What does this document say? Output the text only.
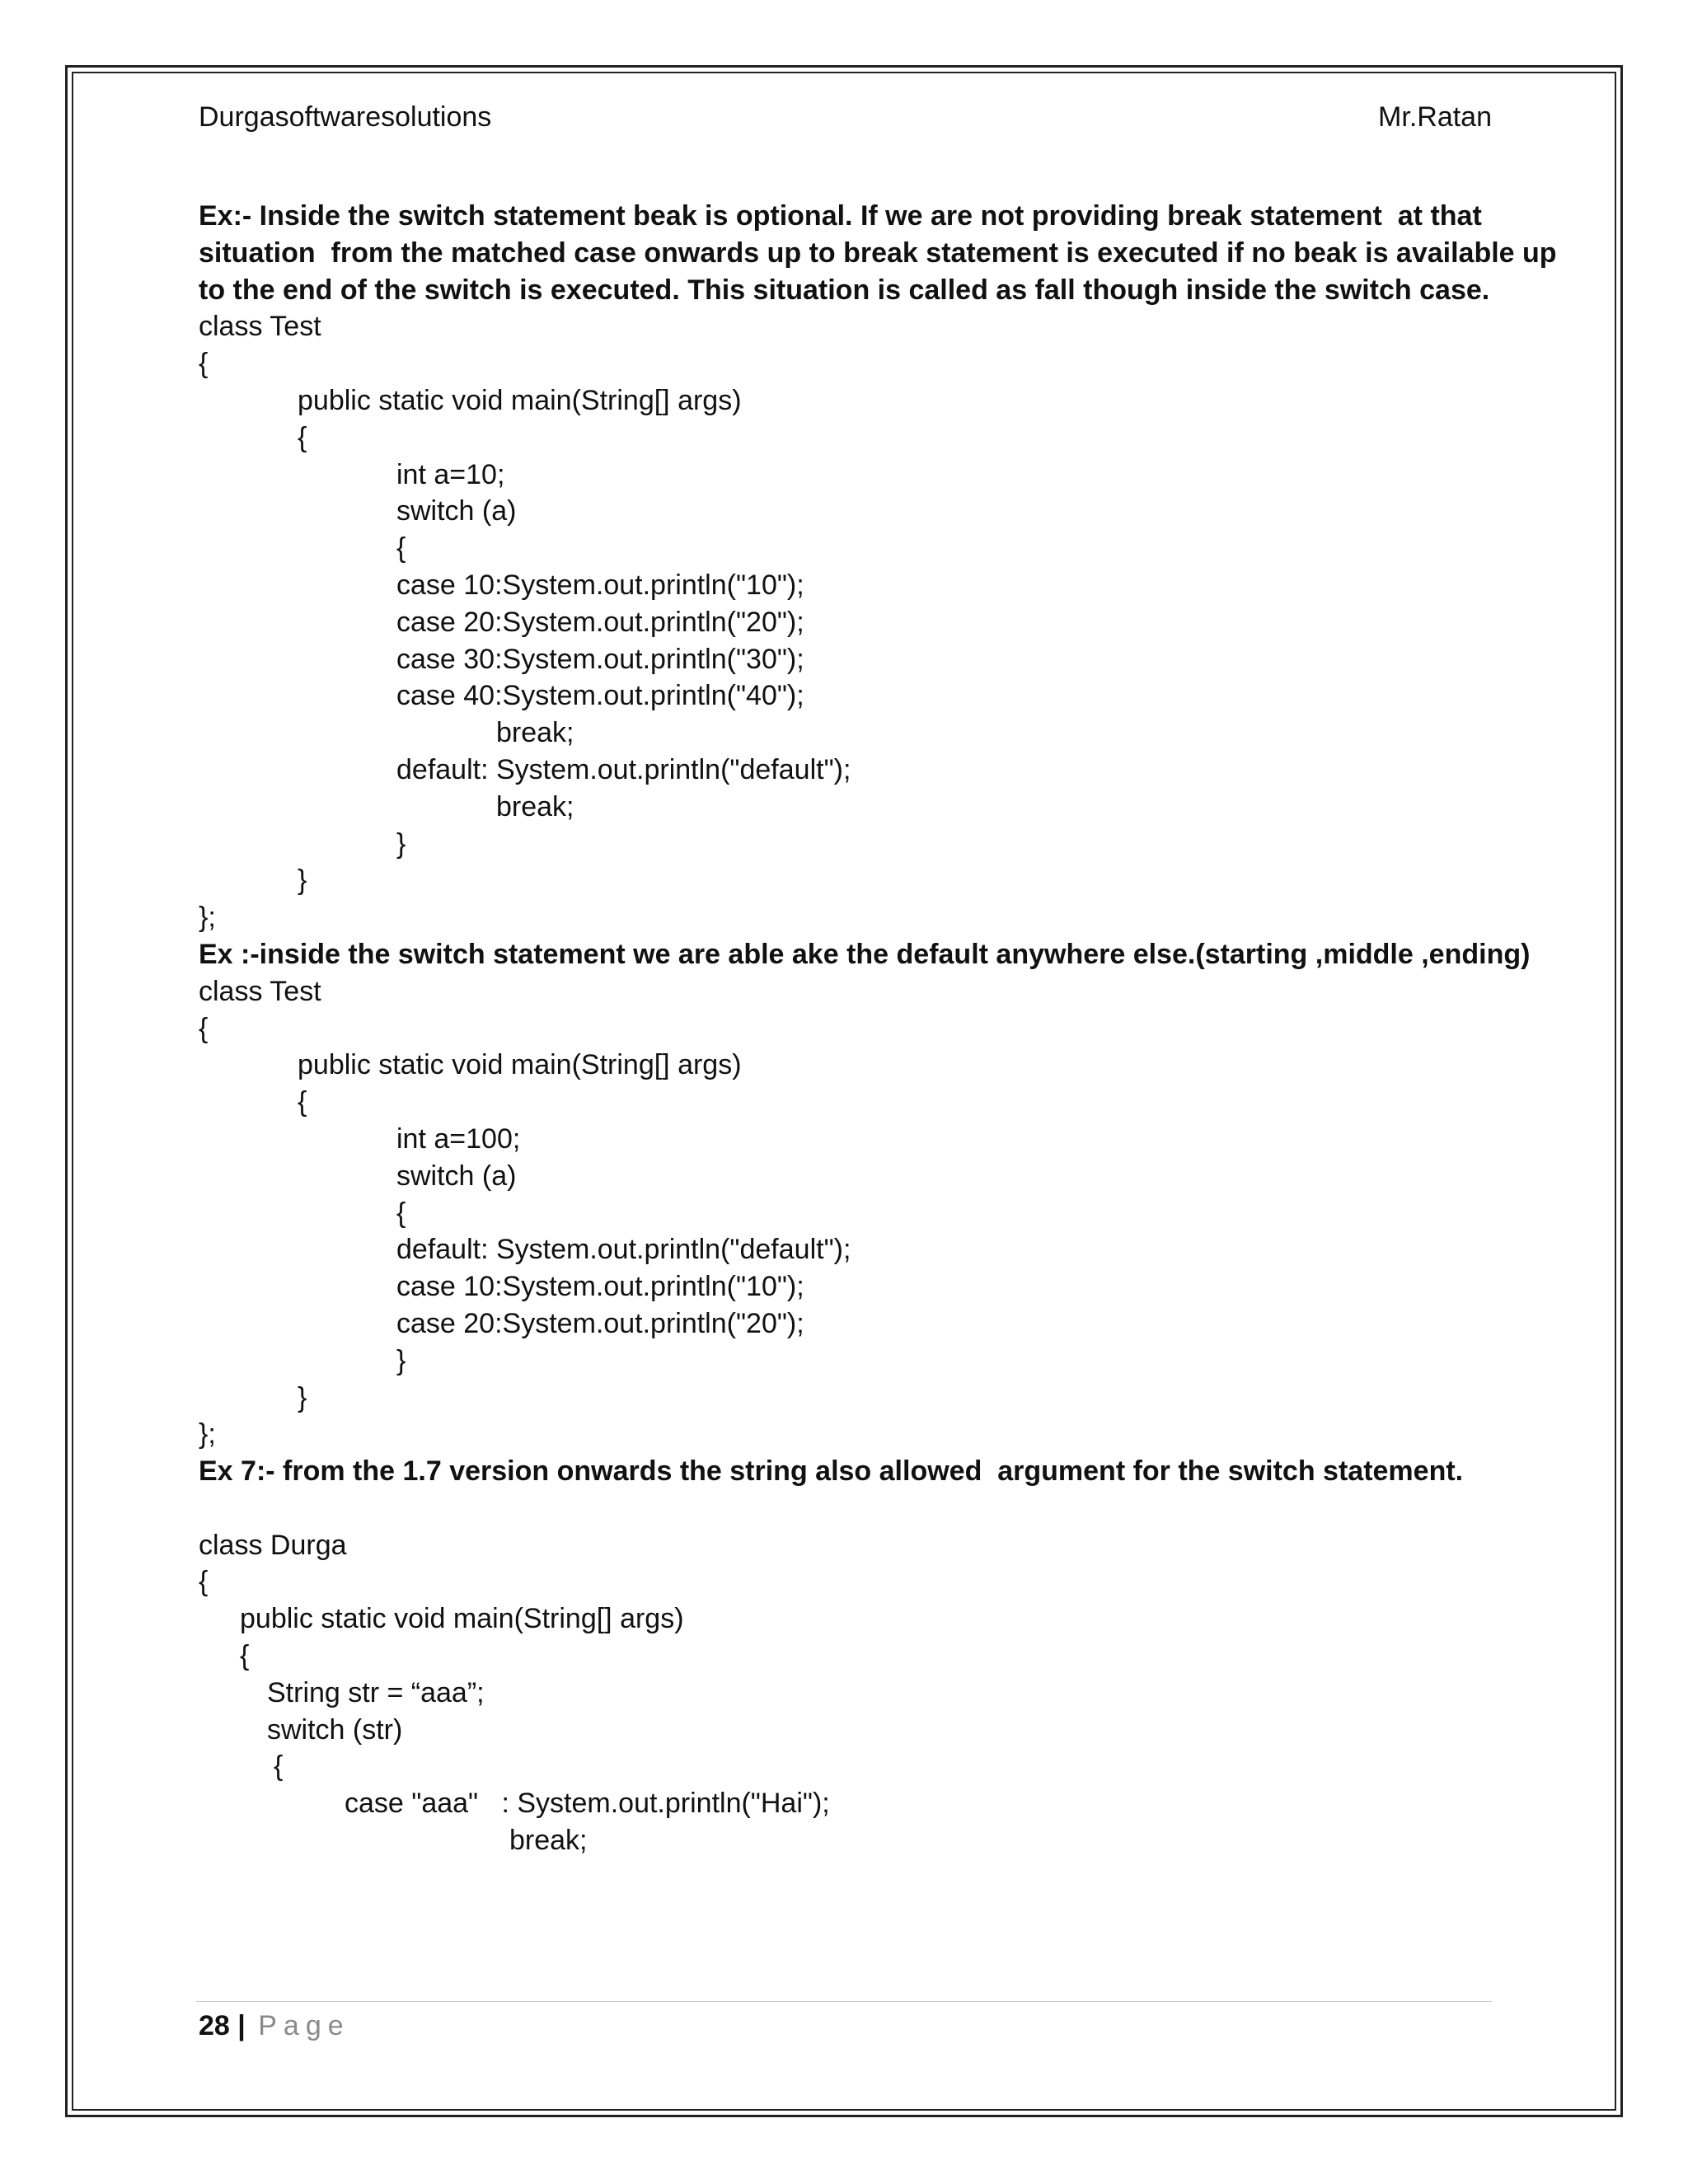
Durgasoftwaresolutions	Mr.Ratan
Ex:- Inside the switch statement beak is optional. If we are not providing break statement  at that
situation  from the matched case onwards up to break statement is executed if no beak is available up
to the end of the switch is executed. This situation is called as fall though inside the switch case.
class Test
{
public static void main(String[] args)
{
int a=10;
switch (a)
{
case 10:System.out.println("10");
case 20:System.out.println("20");
case 30:System.out.println("30");
case 40:System.out.println("40");
break;
default: System.out.println("default");
break;
}
}
};
Ex :-inside the switch statement we are able ake the default anywhere else.(starting ,middle ,ending)
class Test
{
public static void main(String[] args)
{
int a=100;
switch (a)
{
default: System.out.println("default");
case 10:System.out.println("10");
case 20:System.out.println("20");
}
}
};
Ex 7:- from the 1.7 version onwards the string also allowed  argument for the switch statement.
class Durga
{
public static void main(String[] args)
{
String str = “aaa”;
switch (str)
{
case "aaa"   : System.out.println("Hai");
break;
28 | Page
